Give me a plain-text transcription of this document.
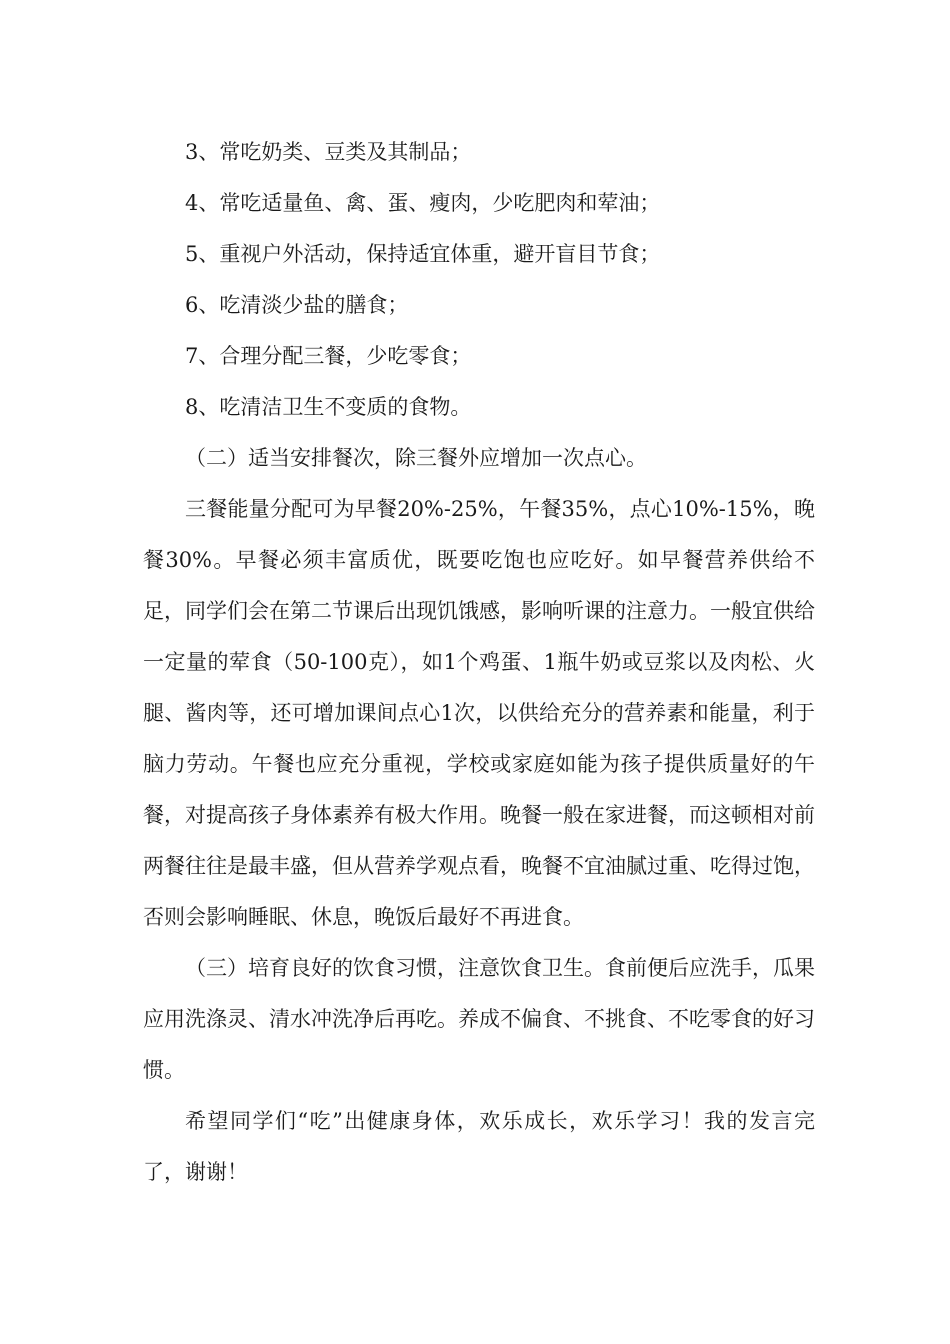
3、常吃奶类、豆类及其制品；

4、常吃适量鱼、禽、蛋、瘦肉，少吃肥肉和荤油；

5、重视户外活动，保持适宜体重，避开盲目节食；

6、吃清淡少盐的膳食；

7、合理分配三餐，少吃零食；

8、吃清洁卫生不变质的食物。

（二）适当安排餐次，除三餐外应增加一次点心。

三餐能量分配可为早餐20%-25%，午餐35%，点心10%-15%，晚餐30%。早餐必须丰富质优，既要吃饱也应吃好。如早餐营养供给不足，同学们会在第二节课后出现饥饿感，影响听课的注意力。一般宜供给一定量的荤食（50-100克），如1个鸡蛋、1瓶牛奶或豆浆以及肉松、火腿、酱肉等，还可增加课间点心1次，以供给充分的营养素和能量，利于脑力劳动。午餐也应充分重视，学校或家庭如能为孩子提供质量好的午餐，对提高孩子身体素养有极大作用。晚餐一般在家进餐，而这顿相对前两餐往往是最丰盛，但从营养学观点看，晚餐不宜油腻过重、吃得过饱，否则会影响睡眠、休息，晚饭后最好不再进食。

（三）培育良好的饮食习惯，注意饮食卫生。食前便后应洗手，瓜果应用洗涤灵、清水冲洗净后再吃。养成不偏食、不挑食、不吃零食的好习惯。

希望同学们“吃”出健康身体，欢乐成长，欢乐学习！我的发言完了，谢谢！
